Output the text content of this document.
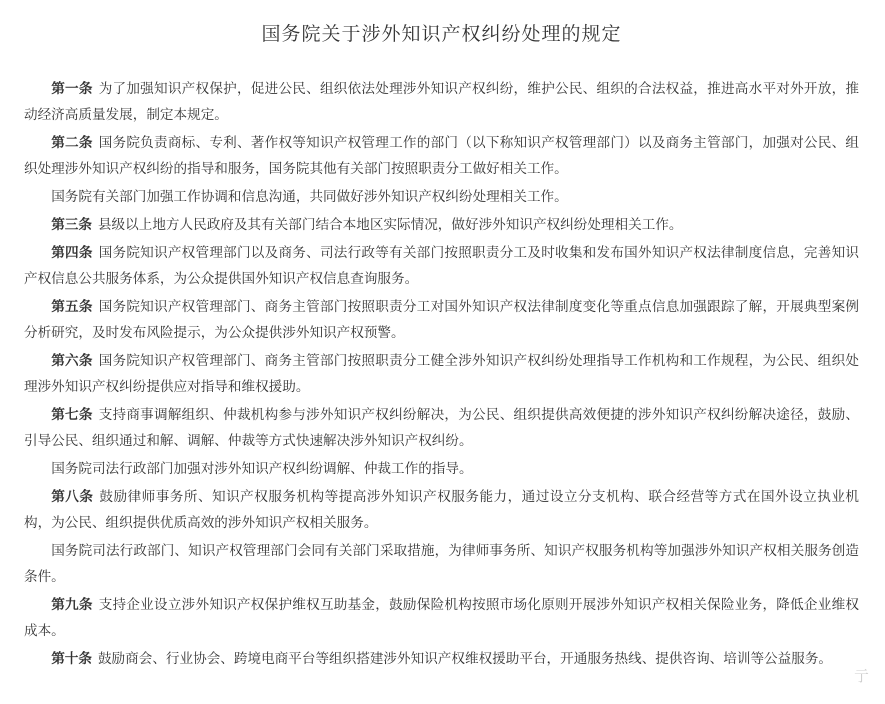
国务院关于涉外知识产权纠纷处理的规定

第一条 为了加强知识产权保护，促进公民、组织依法处理涉外知识产权纠纷，维护公民、组织的合法权益，推进高水平对外开放，推动经济高质量发展，制定本规定。

第二条 国务院负责商标、专利、著作权等知识产权管理工作的部门（以下称知识产权管理部门）以及商务主管部门，加强对公民、组织处理涉外知识产权纠纷的指导和服务，国务院其他有关部门按照职责分工做好相关工作。

国务院有关部门加强工作协调和信息沟通，共同做好涉外知识产权纠纷处理相关工作。

第三条 县级以上地方人民政府及其有关部门结合本地区实际情况，做好涉外知识产权纠纷处理相关工作。

第四条 国务院知识产权管理部门以及商务、司法行政等有关部门按照职责分工及时收集和发布国外知识产权法律制度信息，完善知识产权信息公共服务体系，为公众提供国外知识产权信息查询服务。

第五条 国务院知识产权管理部门、商务主管部门按照职责分工对国外知识产权法律制度变化等重点信息加强跟踪了解，开展典型案例分析研究，及时发布风险提示，为公众提供涉外知识产权预警。

第六条 国务院知识产权管理部门、商务主管部门按照职责分工健全涉外知识产权纠纷处理指导工作机构和工作规程，为公民、组织处理涉外知识产权纠纷提供应对指导和维权援助。

第七条 支持商事调解组织、仲裁机构参与涉外知识产权纠纷解决，为公民、组织提供高效便捷的涉外知识产权纠纷解决途径，鼓励、引导公民、组织通过和解、调解、仲裁等方式快速解决涉外知识产权纠纷。

国务院司法行政部门加强对涉外知识产权纠纷调解、仲裁工作的指导。

第八条 鼓励律师事务所、知识产权服务机构等提高涉外知识产权服务能力，通过设立分支机构、联合经营等方式在国外设立执业机构，为公民、组织提供优质高效的涉外知识产权相关服务。

国务院司法行政部门、知识产权管理部门会同有关部门采取措施，为律师事务所、知识产权服务机构等加强涉外知识产权相关服务创造条件。

第九条 支持企业设立涉外知识产权保护维权互助基金，鼓励保险机构按照市场化原则开展涉外知识产权相关保险业务，降低企业维权成本。

第十条 鼓励商会、行业协会、跨境电商平台等组织搭建涉外知识产权维权援助平台，开通服务热线、提供咨询、培训等公益服务。

亍
